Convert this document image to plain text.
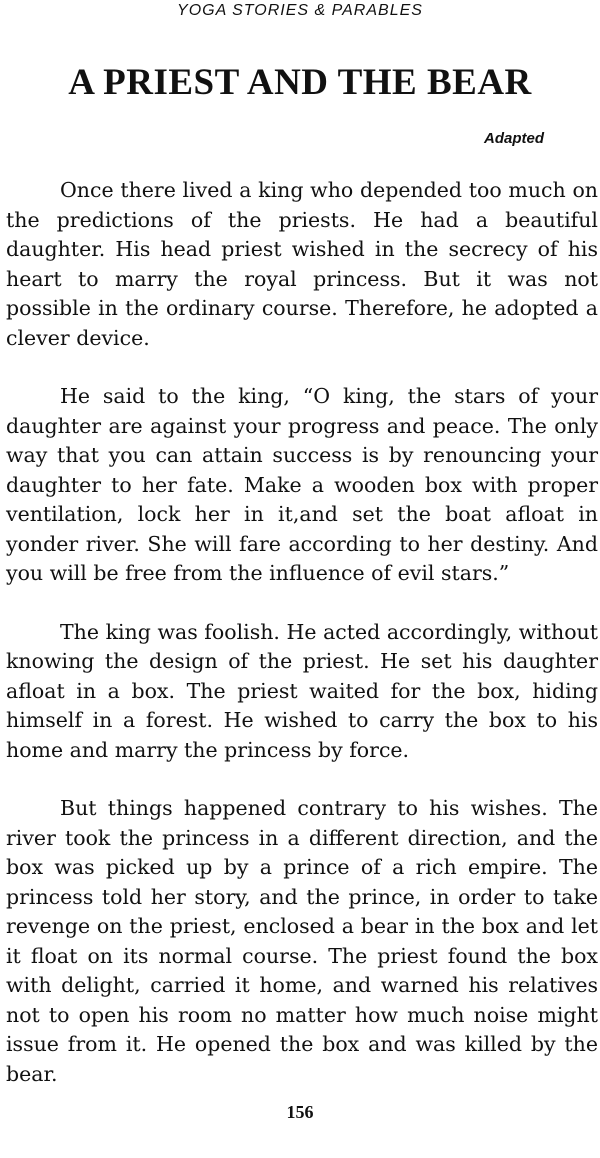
YOGA STORIES & PARABLES
A PRIEST AND THE BEAR
Adapted

Once there lived a king who depended too much on the predictions of the priests. He had a beautiful daughter. His head priest wished in the secrecy of his heart to marry the royal princess. But it was not possible in the ordinary course. Therefore, he adopted a clever device.

He said to the king, “O king, the stars of your daughter are against your progress and peace. The only way that you can attain success is by renouncing your daughter to her fate. Make a wooden box with proper ventilation, lock her in it,and set the boat afloat in yonder river. She will fare according to her destiny. And you will be free from the influence of evil stars.”

The king was foolish. He acted accordingly, without knowing the design of the priest. He set his daughter afloat in a box. The priest waited for the box, hiding himself in a forest. He wished to carry the box to his home and marry the princess by force.

But things happened contrary to his wishes. The river took the princess in a different direction, and the box was picked up by a prince of a rich empire. The princess told her story, and the prince, in order to take revenge on the priest, enclosed a bear in the box and let it float on its normal course. The priest found the box with delight, carried it home, and warned his relatives not to open his room no matter how much noise might issue from it. He opened the box and was killed by the bear.

156
